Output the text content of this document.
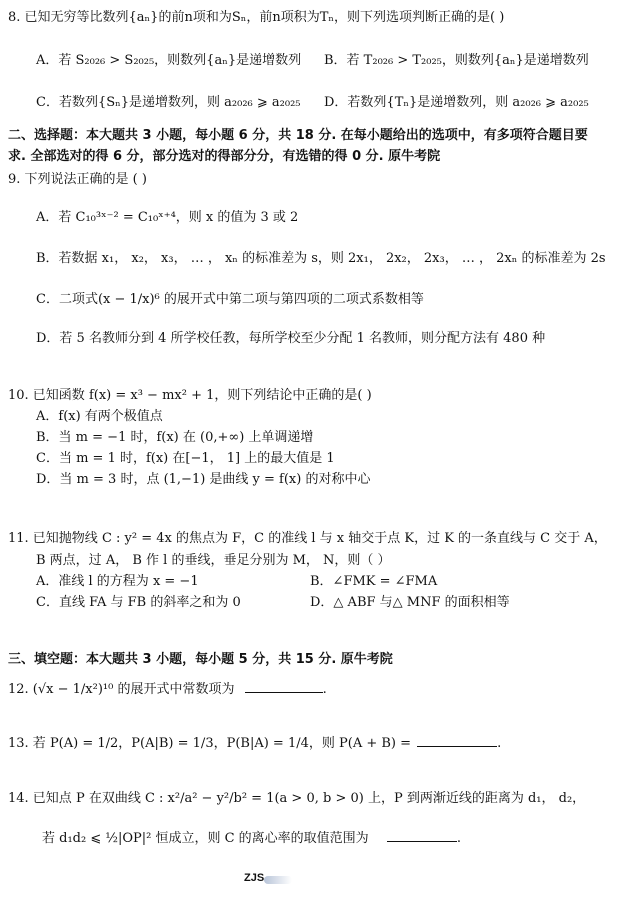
8. 已知无穷等比数列{aₙ}的前n项和为Sₙ，前n项积为Tₙ，则下列选项判断正确的是( )
A．若 S₂₀₂₆ > S₂₀₂₅，则数列{aₙ}是递增数列 B．若 T₂₀₂₆ > T₂₀₂₅，则数列{aₙ}是递增数列
C．若数列{Sₙ}是递增数列，则 a₂₀₂₆ ⩾ a₂₀₂₅ D．若数列{Tₙ}是递增数列，则 a₂₀₂₆ ⩾ a₂₀₂₅
二、选择题：本大题共 3 小题，每小题 6 分，共 18 分. 在每小题给出的选项中，有多项符合题目要
求. 全部选对的得 6 分，部分选对的得部分分，有选错的得 0 分. 原牛考院
9. 下列说法正确的是 ( )
A．若 C₁₀³ˣ⁻² = C₁₀ˣ⁺⁴，则 x 的值为 3 或 2
B．若数据 x₁， x₂， x₃， … ， xₙ 的标准差为 s，则 2x₁， 2x₂， 2x₃， … ， 2xₙ 的标准差为 2s
C．二项式(x − 1/x)⁶ 的展开式中第二项与第四项的二项式系数相等
D．若 5 名教师分到 4 所学校任教，每所学校至少分配 1 名教师，则分配方法有 480 种
10. 已知函数 f(x) = x³ − mx² + 1，则下列结论中正确的是( )
A．f(x) 有两个极值点
B．当 m = −1 时，f(x) 在 (0,+∞) 上单调递增
C．当 m = 1 时，f(x) 在[−1， 1] 上的最大值是 1
D．当 m = 3 时，点 (1,−1) 是曲线 y = f(x) 的对称中心
11. 已知抛物线 C : y² = 4x 的焦点为 F，C 的准线 l 与 x 轴交于点 K，过 K 的一条直线与 C 交于 A，
B 两点，过 A， B 作 l 的垂线，垂足分别为 M， N，则（ ）
A．准线 l 的方程为 x = −1	B．∠FMK = ∠FMA
C．直线 FA 与 FB 的斜率之和为 0	D．△ ABF 与△ MNF 的面积相等
三、填空题：本大题共 3 小题，每小题 5 分，共 15 分. 原牛考院
12. (√x − 1/x²)¹⁰ 的展开式中常数项为	.
13. 若 P(A) = 1/2，P(A|B) = 1/3，P(B|A) = 1/4，则 P(A + B) =	.
14. 已知点 P 在双曲线 C : x²/a² − y²/b² = 1(a > 0, b > 0) 上，P 到两渐近线的距离为 d₁， d₂，
若 d₁d₂ ⩽ ½|OP|² 恒成立，则 C 的离心率的取值范围为	.
ZJS
